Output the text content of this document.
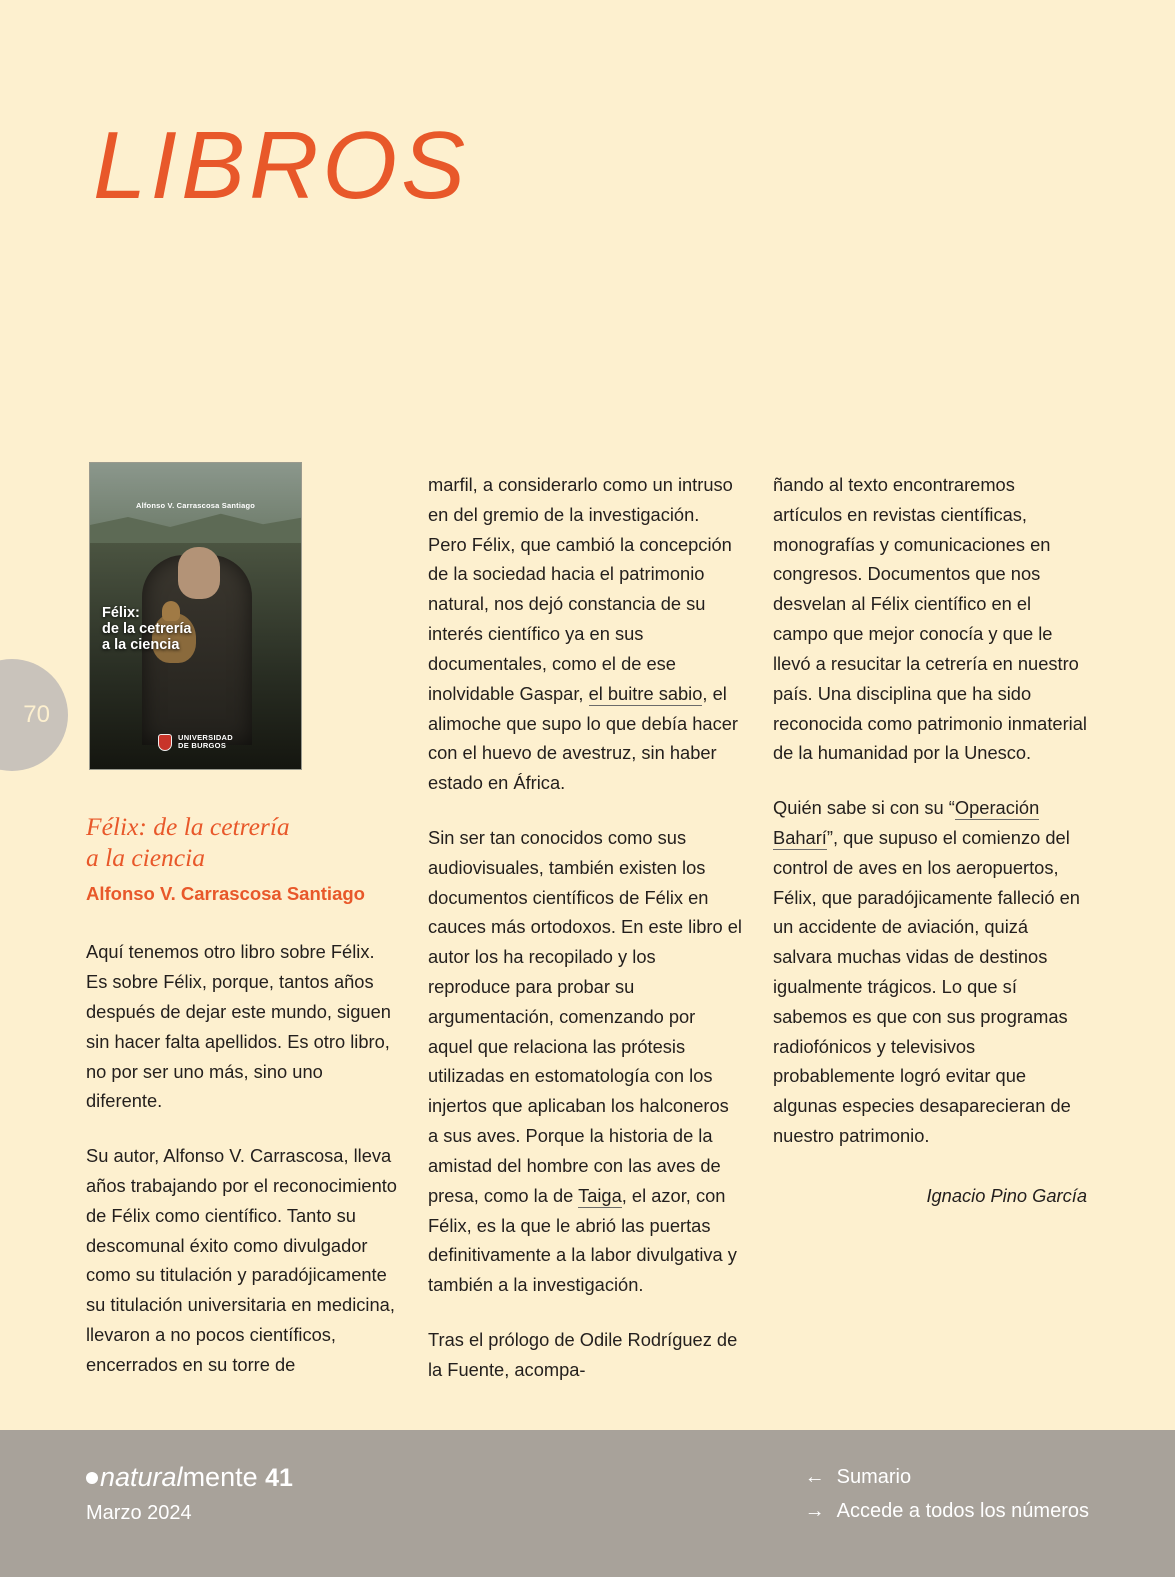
LIBROS
70
Alfonso V. Carrascosa Santiago
Félix:
de la cetrería
a la ciencia
UNIVERSIDAD
DE BURGOS
Félix: de la cetrería
a la ciencia
Alfonso V. Carrascosa Santiago

Aquí tenemos otro libro sobre Félix. Es sobre Félix, porque, tantos años después de dejar este mundo, siguen sin hacer falta apellidos. Es otro libro, no por ser uno más, sino uno diferente.

Su autor, Alfonso V. Carrascosa, lleva años trabajando por el reconocimiento de Félix como científico. Tanto su descomunal éxito como divulgador como su titulación y paradójicamente su titulación universitaria en medicina, llevaron a no pocos científicos, encerrados en su torre de

marfil, a considerarlo como un intruso en del gremio de la investigación. Pero Félix, que cambió la concepción de la sociedad hacia el patrimonio natural, nos dejó constancia de su interés científico ya en sus documentales, como el de ese inolvidable Gaspar, el buitre sabio, el alimoche que supo lo que debía hacer con el huevo de avestruz, sin haber estado en África.

Sin ser tan conocidos como sus audiovisuales, también existen los documentos científicos de Félix en cauces más ortodoxos. En este libro el autor los ha recopilado y los reproduce para probar su argumentación, comenzando por aquel que relaciona las prótesis utilizadas en estomatología con los injertos que aplicaban los halconeros a sus aves. Porque la historia de la amistad del hombre con las aves de presa, como la de Taiga, el azor, con Félix, es la que le abrió las puertas definitivamente a la labor divulgativa y también a la investigación.

Tras el prólogo de Odile Rodríguez de la Fuente, acompa-

ñando al texto encontraremos artículos en revistas científicas, monografías y comunicaciones en congresos. Documentos que nos desvelan al Félix científico en el campo que mejor conocía y que le llevó a resucitar la cetrería en nuestro país. Una disciplina que ha sido reconocida como patrimonio inmaterial de la humanidad por la Unesco.

Quién sabe si con su “Operación Baharí”, que supuso el comienzo del control de aves en los aeropuertos, Félix, que paradójicamente falleció en un accidente de aviación, quizá salvara muchas vidas de destinos igualmente trágicos. Lo que sí sabemos es que con sus programas radiofónicos y televisivos probablemente logró evitar que algunas especies desaparecieran de nuestro patrimonio.

Ignacio Pino García
naturalmente 41
Marzo 2024
← Sumario
→ Accede a todos los números
